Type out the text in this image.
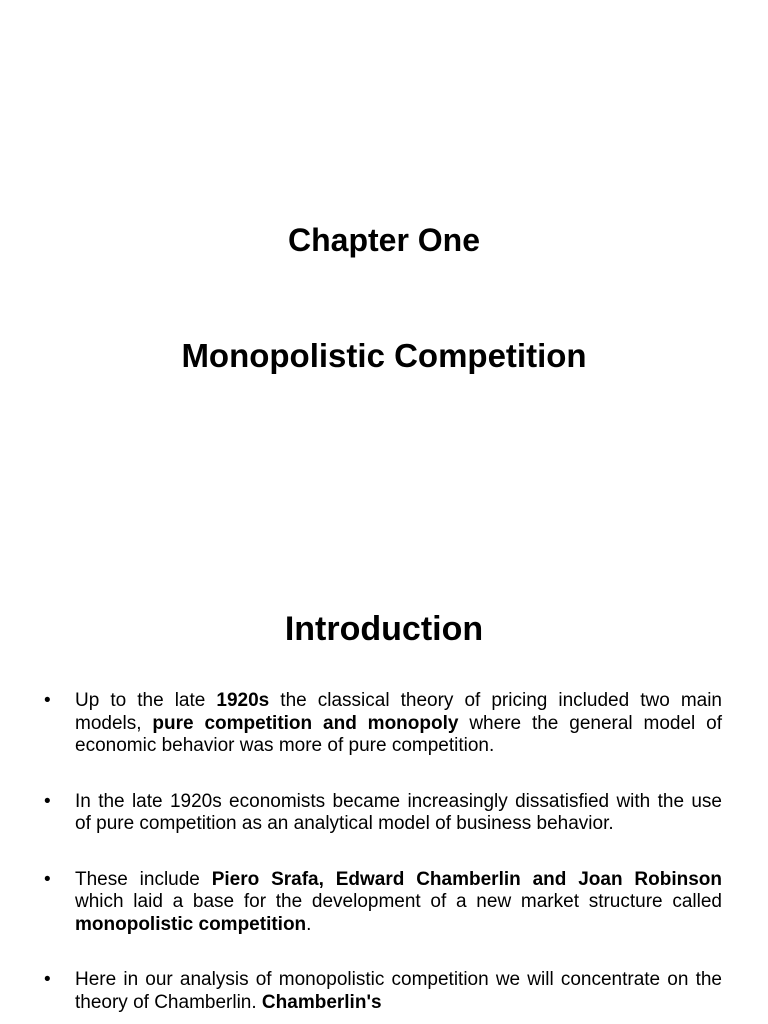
Chapter One
Monopolistic Competition
Introduction
• Up to the late 1920s the classical theory of pricing included two main models, pure competition and monopoly where the general model of economic behavior was more of pure competition.
• In the late 1920s economists became increasingly dissatisfied with the use of pure competition as an analytical model of business behavior.
• These include Piero Srafa, Edward Chamberlin and Joan Robinson which laid a base for the development of a new market structure called monopolistic competition.
• Here in our analysis of monopolistic competition we will concentrate on the theory of Chamberlin. Chamberlin's
